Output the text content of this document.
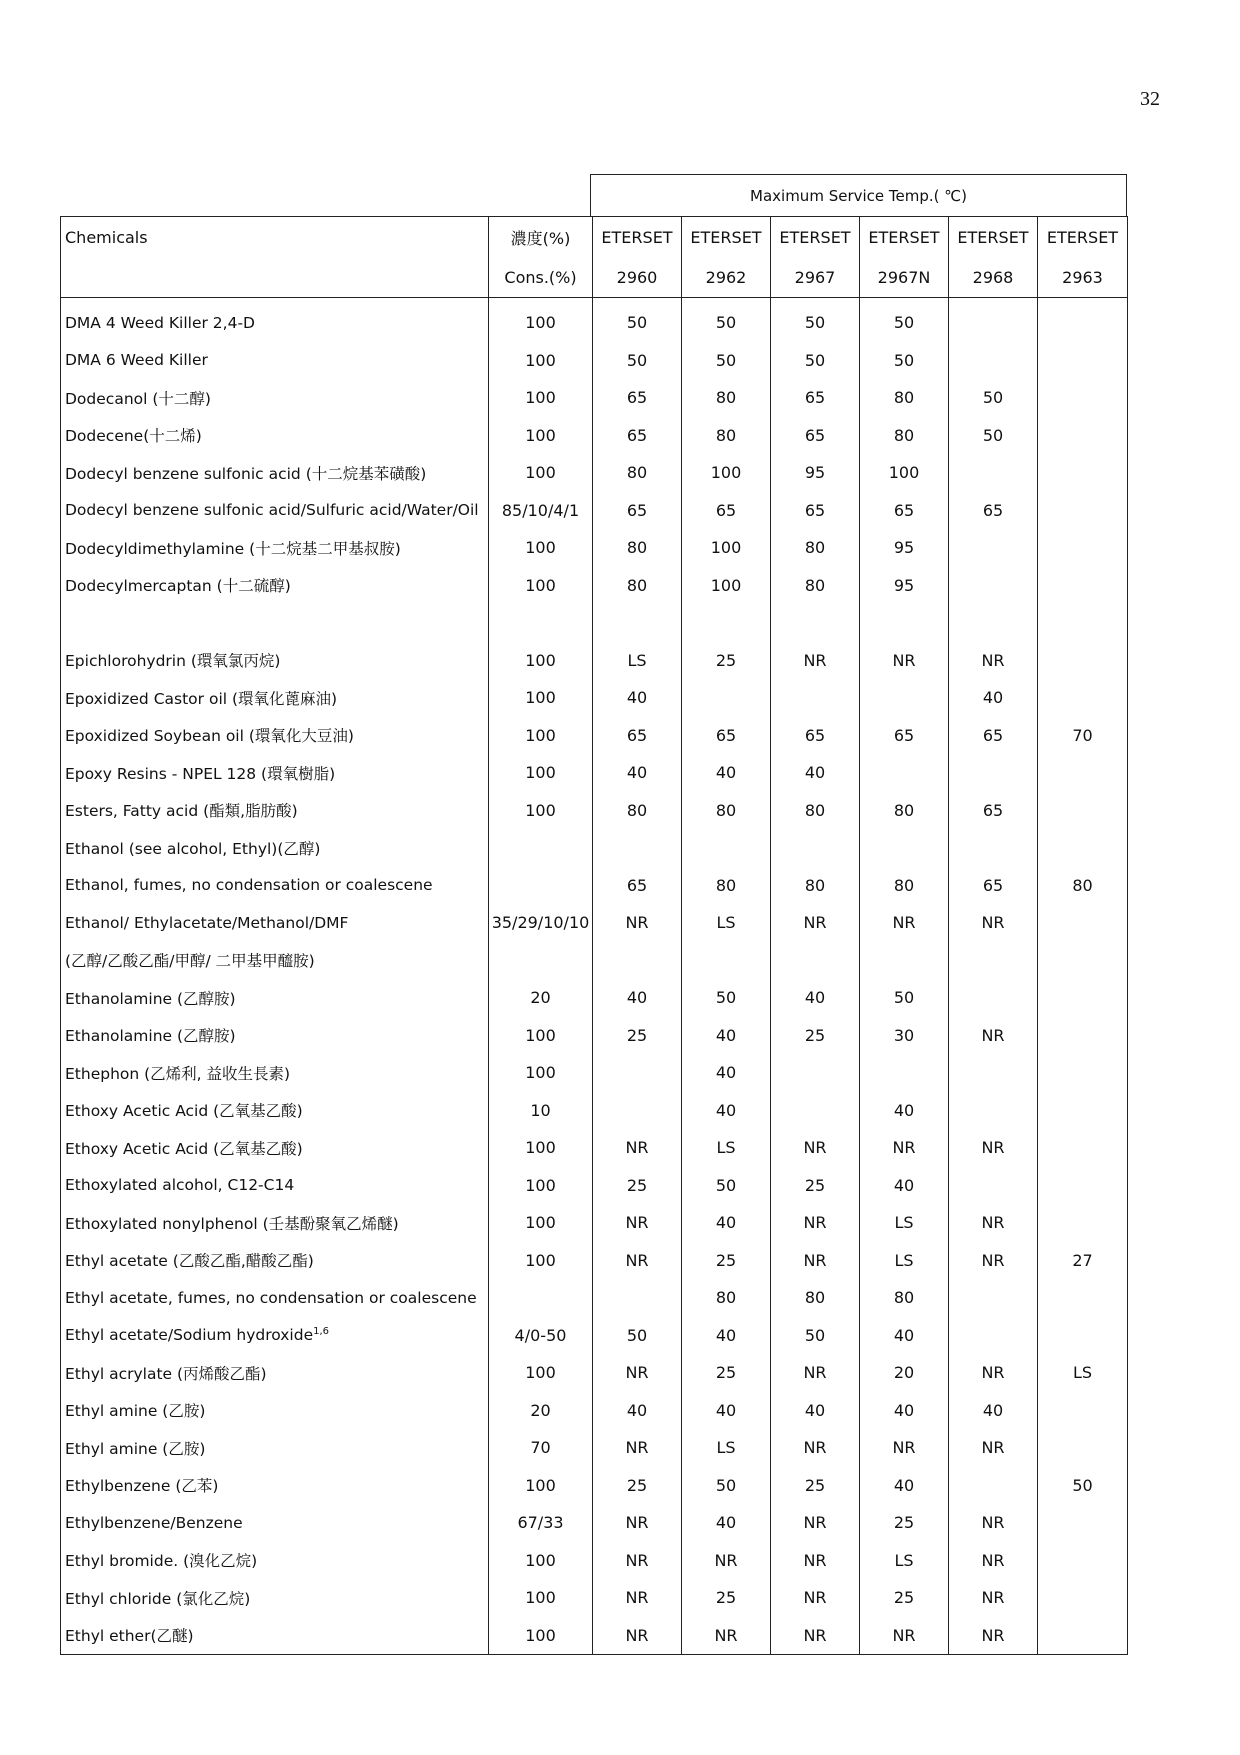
32
Maximum Service Temp.( ℃)
Chemicals	濃度(%)	ETERSET	ETERSET	ETERSET	ETERSET	ETERSET	ETERSET
	Cons.(%)	2960	2962	2967	2967N	2968	2963
DMA 4 Weed Killer 2,4-D	100	50	50	50	50		
DMA 6 Weed Killer	100	50	50	50	50		
Dodecanol (十二醇)	100	65	80	65	80	50	
Dodecene(十二烯)	100	65	80	65	80	50	
Dodecyl benzene sulfonic acid (十二烷基苯磺酸)	100	80	100	95	100		
Dodecyl benzene sulfonic acid/Sulfuric acid/Water/Oil	85/10/4/1	65	65	65	65	65	
Dodecyldimethylamine (十二烷基二甲基叔胺)	100	80	100	80	95		
Dodecylmercaptan (十二硫醇)	100	80	100	80	95		

Epichlorohydrin (環氧氯丙烷)	100	LS	25	NR	NR	NR	
Epoxidized Castor oil (環氧化蓖麻油)	100	40				40	
Epoxidized Soybean oil (環氧化大豆油)	100	65	65	65	65	65	70
Epoxy Resins - NPEL 128 (環氧樹脂)	100	40	40	40			
Esters, Fatty acid (酯類,脂肪酸)	100	80	80	80	80	65	
Ethanol (see alcohol, Ethyl)(乙醇)							
Ethanol, fumes, no condensation or coalescene		65	80	80	80	65	80
Ethanol/ Ethylacetate/Methanol/DMF	35/29/10/10	NR	LS	NR	NR	NR	
(乙醇/乙酸乙酯/甲醇/ 二甲基甲醯胺)							
Ethanolamine (乙醇胺)	20	40	50	40	50		
Ethanolamine (乙醇胺)	100	25	40	25	30	NR	
Ethephon (乙烯利, 益收生長素)	100		40				
Ethoxy Acetic Acid (乙氧基乙酸)	10		40		40		
Ethoxy Acetic Acid (乙氧基乙酸)	100	NR	LS	NR	NR	NR	
Ethoxylated alcohol, C12-C14	100	25	50	25	40		
Ethoxylated nonylphenol (壬基酚聚氧乙烯醚)	100	NR	40	NR	LS	NR	
Ethyl acetate (乙酸乙酯,醋酸乙酯)	100	NR	25	NR	LS	NR	27
Ethyl acetate, fumes, no condensation or coalescene			80	80	80		
Ethyl acetate/Sodium hydroxide$^{1,6}$	4/0-50	50	40	50	40		
Ethyl acrylate (丙烯酸乙酯)	100	NR	25	NR	20	NR	LS
Ethyl amine (乙胺)	20	40	40	40	40	40	
Ethyl amine (乙胺)	70	NR	LS	NR	NR	NR	
Ethylbenzene (乙苯)	100	25	50	25	40		50
Ethylbenzene/Benzene	67/33	NR	40	NR	25	NR	
Ethyl bromide. (溴化乙烷)	100	NR	NR	NR	LS	NR	
Ethyl chloride (氯化乙烷)	100	NR	25	NR	25	NR	
Ethyl ether(乙醚)	100	NR	NR	NR	NR	NR	
